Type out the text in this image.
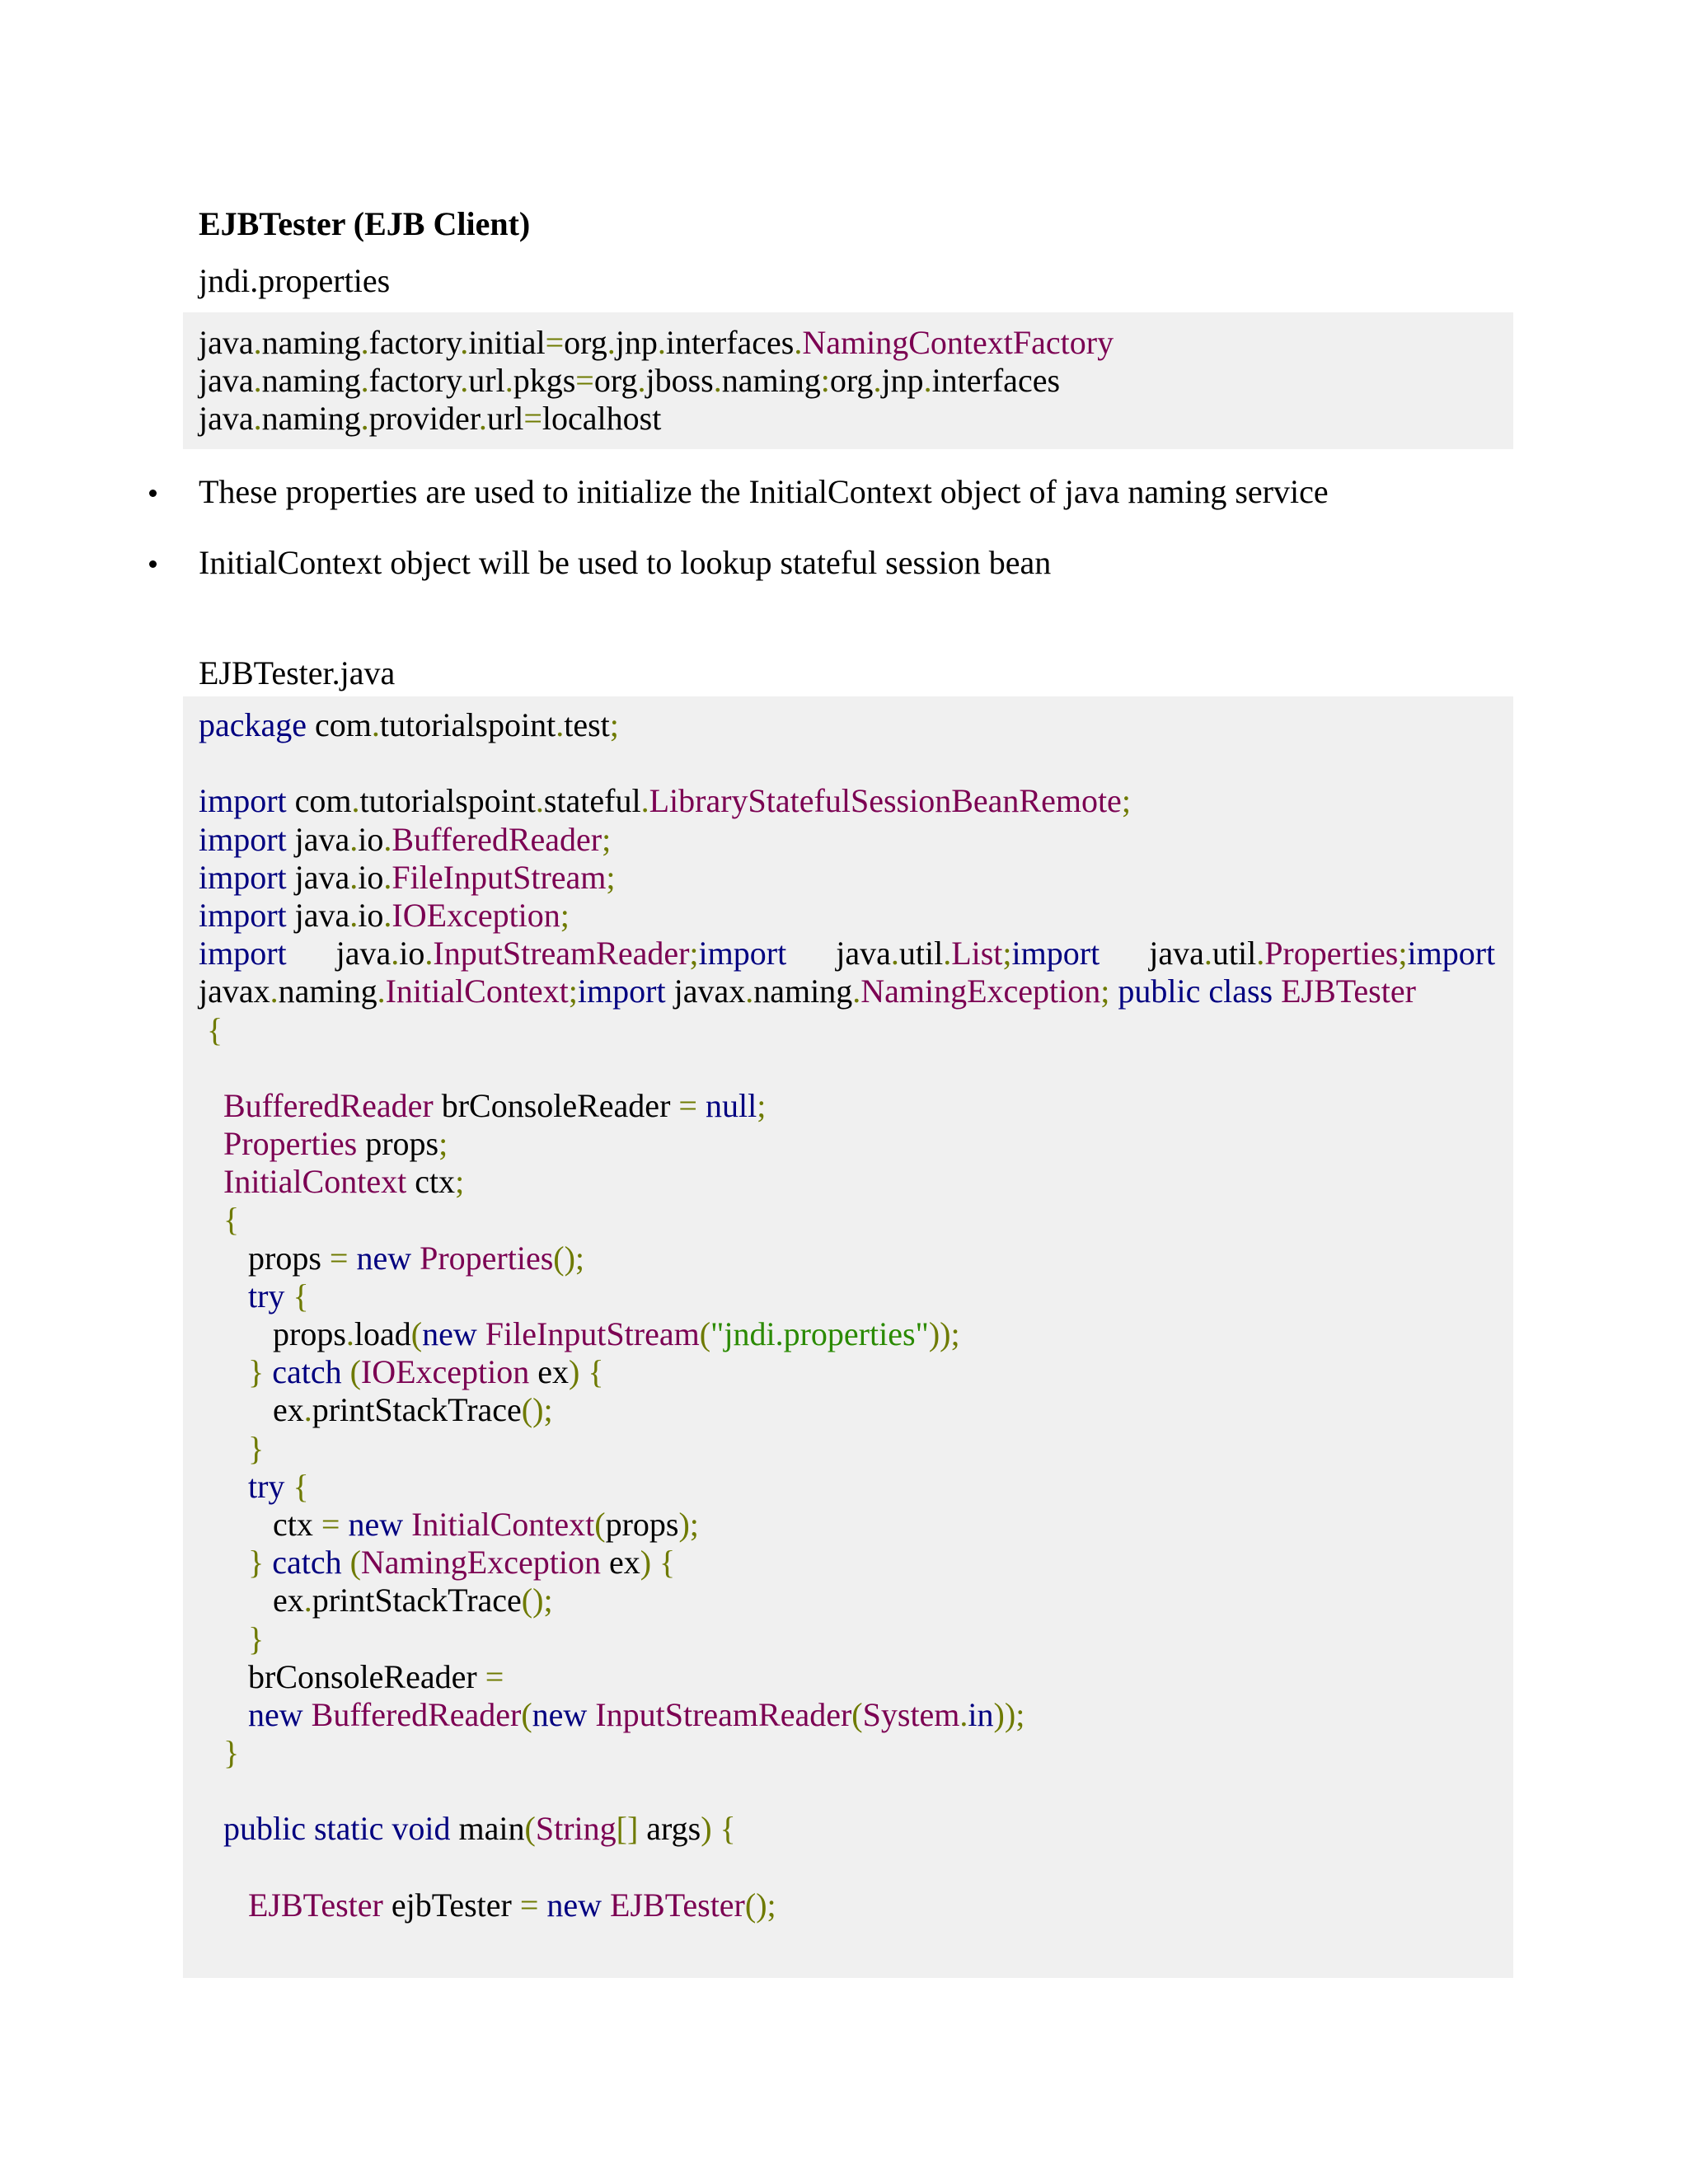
EJBTester (EJB Client)

jndi.properties

java.naming.factory.initial=org.jnp.interfaces.NamingContextFactory
java.naming.factory.url.pkgs=org.jboss.naming:org.jnp.interfaces
java.naming.provider.url=localhost
These properties are used to initialize the InitialContext object of java naming service
InitialContext object will be used to lookup stateful session bean

EJBTester.java

package com.tutorialspoint.test;
import com.tutorialspoint.stateful.LibraryStatefulSessionBeanRemote;
import java.io.BufferedReader;
import java.io.FileInputStream;
import java.io.IOException;
import      java.io.InputStreamReader;import      java.util.List;import      java.util.Properties;import
javax.naming.InitialContext;import javax.naming.NamingException; public class EJBTester
{
BufferedReader brConsoleReader = null;
Properties props;
InitialContext ctx;
{
props = new Properties();
try {
props.load(new FileInputStream("jndi.properties"));
} catch (IOException ex) {
ex.printStackTrace();
}
try {
ctx = new InitialContext(props);
} catch (NamingException ex) {
ex.printStackTrace();
}
brConsoleReader =
new BufferedReader(new InputStreamReader(System.in));
}
public static void main(String[] args) {
EJBTester ejbTester = new EJBTester();
